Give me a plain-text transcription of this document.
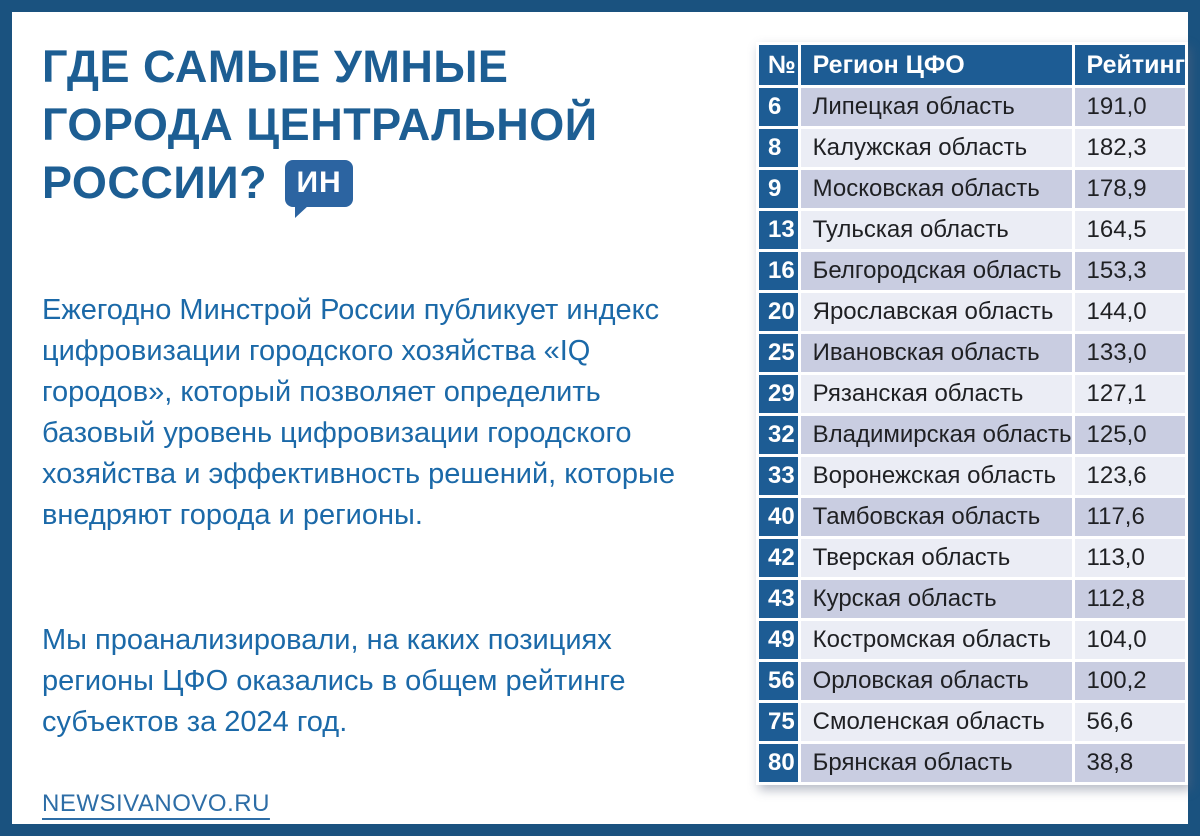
ГДЕ САМЫЕ УМНЫЕ
ГОРОДА ЦЕНТРАЛЬНОЙ
РОССИИ? ИН

Ежегодно Минстрой России публикует индекс цифровизации городского хозяйства «IQ городов», который позволяет определить базовый уровень цифровизации городского хозяйства и эффективность решений, которые внедряют города и регионы.

Мы проанализировали, на каких позициях регионы ЦФО оказались в общем рейтинге субъектов за 2024 год.

NEWSIVANOVO.RU
№	Регион ЦФО	Рейтинг
6	Липецкая область	191,0
8	Калужская область	182,3
9	Московская область	178,9
13	Тульская область	164,5
16	Белгородская область	153,3
20	Ярославская область	144,0
25	Ивановская область	133,0
29	Рязанская область	127,1
32	Владимирская область	125,0
33	Воронежская область	123,6
40	Тамбовская область	117,6
42	Тверская область	113,0
43	Курская область	112,8
49	Костромская область	104,0
56	Орловская область	100,2
75	Смоленская область	56,6
80	Брянская область	38,8
